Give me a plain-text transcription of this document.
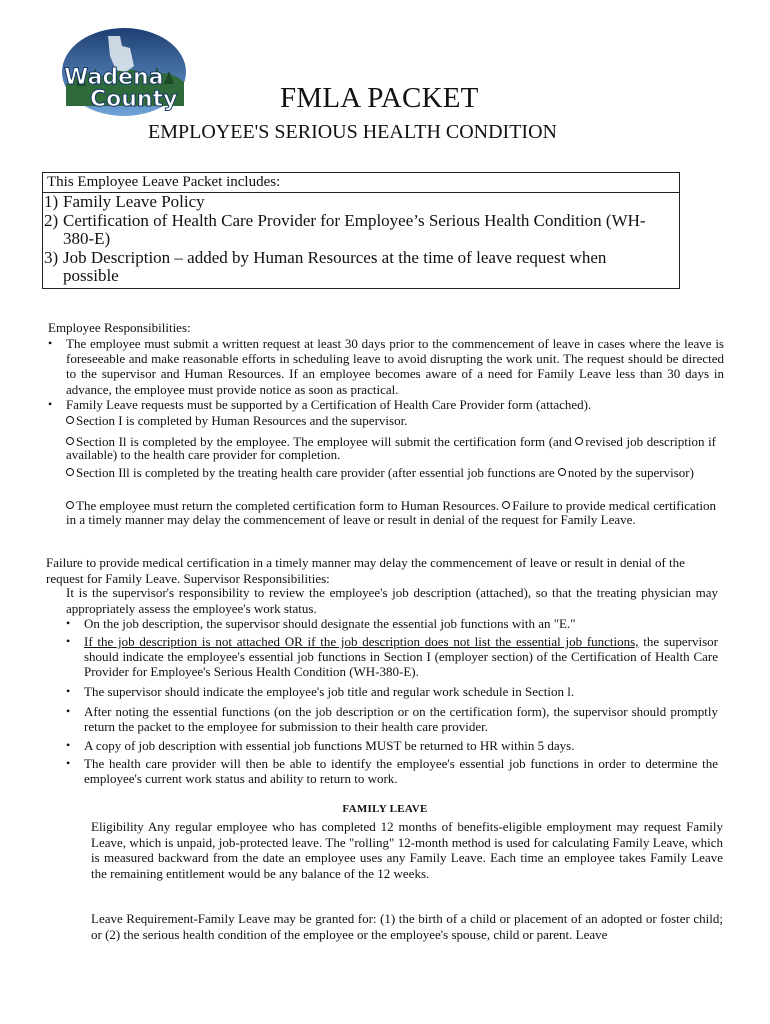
Wadena
County	FMLA PACKET
EMPLOYEE'S SERIOUS HEALTH CONDITION
This Employee Leave Packet includes:
1) Family Leave Policy
2) Certification of Health Care Provider for Employee’s Serious Health Condition (WH-380-E)
3) Job Description – added by Human Resources at the time of leave request when possible
Employee Responsibilities:
•	The employee must submit a written request at least 30 days prior to the commencement of leave in cases where the leave is foreseeable and make reasonable efforts in scheduling leave to avoid disrupting the work unit. The request should be directed to the supervisor and Human Resources. If an employee becomes aware of a need for Family Leave less than 30 days in advance, the employee must provide notice as soon as practical.
•	Family Leave requests must be supported by a Certification of Health Care Provider form (attached).
Section I is completed by Human Resources and the supervisor.
Section Il is completed by the employee. The employee will submit the certification form (and revised job description if available) to the health care provider for completion.
Section Ill is completed by the treating health care provider (after essential job functions are noted by the supervisor)
The employee must return the completed certification form to Human Resources. Failure to provide medical certification in a timely manner may delay the commencement of leave or result in denial of the request for Family Leave.
Failure to provide medical certification in a timely manner may delay the commencement of leave or result in denial of the request for Family Leave. Supervisor Responsibilities:
It is the supervisor's responsibility to review the employee's job description (attached), so that the treating physician may appropriately assess the employee's work status.
•	On the job description, the supervisor should designate the essential job functions with an "E."
•	If the job description is not attached OR if the job description does not list the essential job functions, the supervisor should indicate the employee's essential job functions in Section I (employer section) of the Certification of Health Care Provider for Employee's Serious Health Condition (WH-380-E).
•	The supervisor should indicate the employee's job title and regular work schedule in Section l.
•	After noting the essential functions (on the job description or on the certification form), the supervisor should promptly return the packet to the employee for submission to their health care provider.
•	A copy of job description with essential job functions MUST be returned to HR within 5 days.
•	The health care provider will then be able to identify the employee's essential job functions in order to determine the employee's current work status and ability to return to work.
FAMILY LEAVE
Eligibility Any regular employee who has completed 12 months of benefits-eligible employment may request Family Leave, which is unpaid, job-protected leave. The "rolling" 12-month method is used for calculating Family Leave, which is measured backward from the date an employee uses any Family Leave. Each time an employee takes Family Leave the remaining entitlement would be any balance of the 12 weeks.
Leave Requirement-Family Leave may be granted for: (1) the birth of a child or placement of an adopted or foster child; or (2) the serious health condition of the employee or the employee's spouse, child or parent. Leave
